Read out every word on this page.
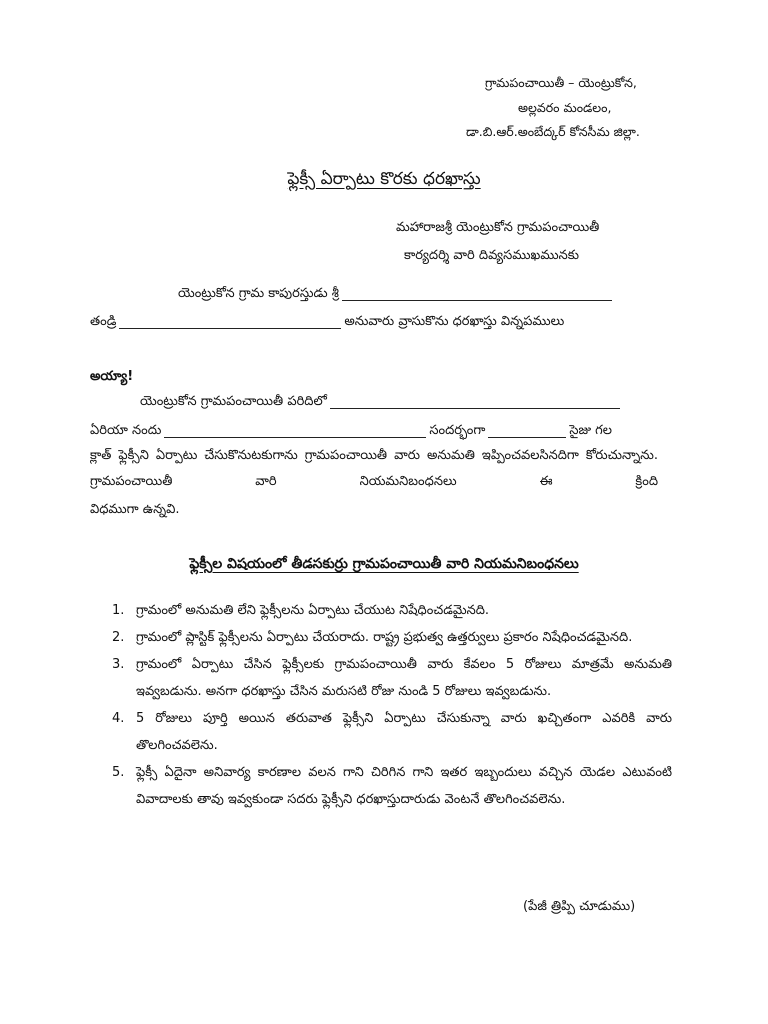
గ్రామపంచాయితీ – యెంట్రుకోన,
అల్లవరం మండలం,
డా.బి.ఆర్.అంబేద్కర్ కోనసీమ జిల్లా.
ఫ్లెక్సీ ఏర్పాటు కొరకు ధరఖాస్తు
మహారాజశ్రీ యెంట్రుకోన గ్రామపంచాయితీ
కార్యదర్శి వారి దివ్యసముఖమునకు
యెంట్రుకోన గ్రామ కాపురస్తుడు శ్రీ
తండ్రి	అనువారు వ్రాసుకొను ధరఖాస్తు విన్నపములు
అయ్యా!
యెంట్రుకోన గ్రామపంచాయితీ పరిదిలో
ఏరియా నందు	సందర్భంగా	సైజు గల
క్లాత్ ఫ్లెక్సీని ఏర్పాటు చేసుకొనుటకుగాను గ్రామపంచాయితీ వారు అనుమతి ఇప్పించవలసినదిగా కోరుచున్నాను. గ్రామపంచాయితీ వారి నియమనిబంధనలు ఈ క్రింది
విధముగా ఉన్నవి.
ఫ్లెక్సీల విషయంలో తీడసకుర్రు గ్రామపంచాయితీ వారి నియమనిబంధనలు
1. గ్రామంలో అనుమతి లేని ఫ్లెక్సీలను ఏర్పాటు చేయుట నిషేధించడమైనది.
2. గ్రామంలో ప్లాస్టిక్ ఫ్లెక్సీలను ఏర్పాటు చేయరాదు. రాష్ట్ర ప్రభుత్వ ఉత్తర్వులు ప్రకారం నిషేధించడమైనది.
3. గ్రామంలో ఏర్పాటు చేసిన ఫ్లెక్సీలకు గ్రామపంచాయితీ వారు కేవలం 5 రోజులు మాత్రమే అనుమతి ఇవ్వబడును. అనగా ధరఖాస్తు చేసిన మరుసటి రోజు నుండి 5 రోజులు ఇవ్వబడును.
4. 5 రోజులు పూర్తి అయిన తరువాత ఫ్లెక్సీని ఏర్పాటు చేసుకున్నా వారు ఖచ్చితంగా ఎవరికి వారు తొలగించవలెను.
5. ఫ్లెక్సీ ఏదైనా అనివార్య కారణాల వలన గాని చిరిగిన గాని ఇతర ఇబ్బందులు వచ్చిన యెడల ఎటువంటి వివాదాలకు తావు ఇవ్వకుండా సదరు ఫ్లెక్సీని ధరఖాస్తుదారుడు వెంటనే తొలగించవలెను.
(పేజీ త్రిప్పి చూడుము)
